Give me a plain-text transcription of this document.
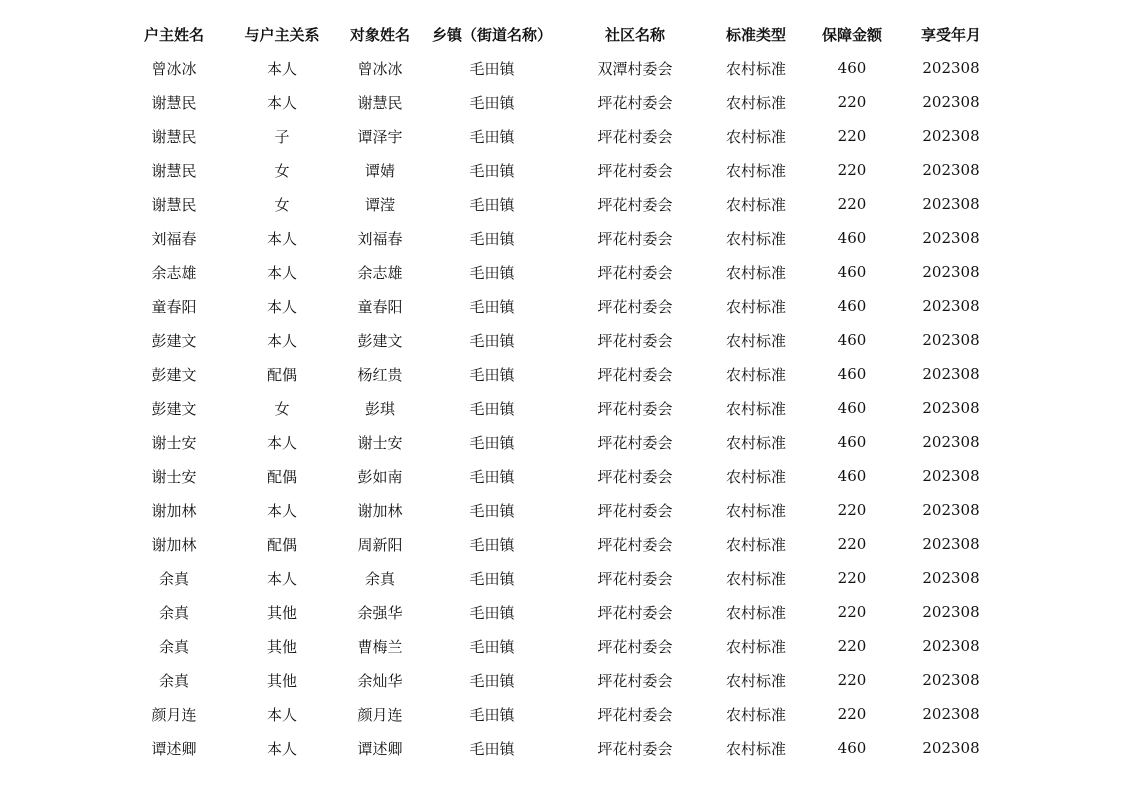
户主姓名	与户主关系	对象姓名	乡镇（街道名称）	社区名称	标准类型	保障金额	享受年月
曾冰冰	本人	曾冰冰	毛田镇	双潭村委会	农村标准	460	202308
谢慧民	本人	谢慧民	毛田镇	坪花村委会	农村标准	220	202308
谢慧民	子	谭泽宇	毛田镇	坪花村委会	农村标准	220	202308
谢慧民	女	谭婧	毛田镇	坪花村委会	农村标准	220	202308
谢慧民	女	谭滢	毛田镇	坪花村委会	农村标准	220	202308
刘福春	本人	刘福春	毛田镇	坪花村委会	农村标准	460	202308
余志雄	本人	余志雄	毛田镇	坪花村委会	农村标准	460	202308
童春阳	本人	童春阳	毛田镇	坪花村委会	农村标准	460	202308
彭建文	本人	彭建文	毛田镇	坪花村委会	农村标准	460	202308
彭建文	配偶	杨红贵	毛田镇	坪花村委会	农村标准	460	202308
彭建文	女	彭琪	毛田镇	坪花村委会	农村标准	460	202308
谢士安	本人	谢士安	毛田镇	坪花村委会	农村标准	460	202308
谢士安	配偶	彭如南	毛田镇	坪花村委会	农村标准	460	202308
谢加林	本人	谢加林	毛田镇	坪花村委会	农村标准	220	202308
谢加林	配偶	周新阳	毛田镇	坪花村委会	农村标准	220	202308
余真	本人	余真	毛田镇	坪花村委会	农村标准	220	202308
余真	其他	余强华	毛田镇	坪花村委会	农村标准	220	202308
余真	其他	曹梅兰	毛田镇	坪花村委会	农村标准	220	202308
余真	其他	余灿华	毛田镇	坪花村委会	农村标准	220	202308
颜月连	本人	颜月连	毛田镇	坪花村委会	农村标准	220	202308
谭述卿	本人	谭述卿	毛田镇	坪花村委会	农村标准	460	202308
